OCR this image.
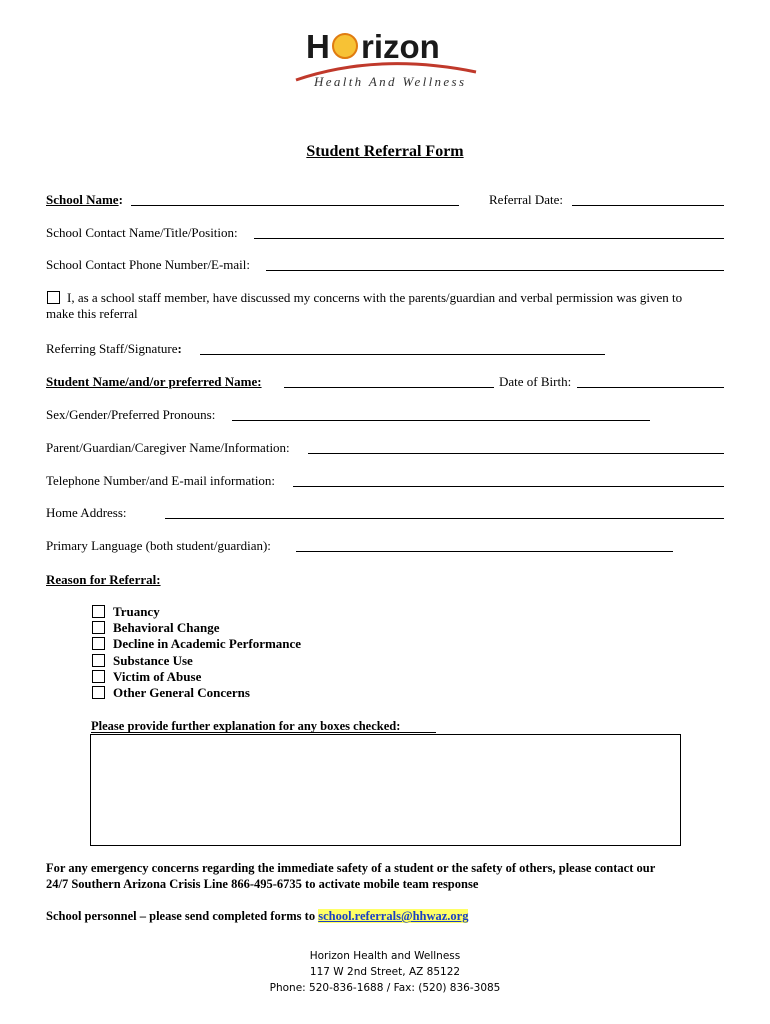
H rizon
Health And Wellness
Student Referral Form
School Name:	Referral Date:
School Contact Name/Title/Position:
School Contact Phone Number/E-mail:
I, as a school staff member, have discussed my concerns with the parents/guardian and verbal permission was given to
make this referral
Referring Staff/Signature:
Student Name/and/or preferred Name:	Date of Birth:
Sex/Gender/Preferred Pronouns:
Parent/Guardian/Caregiver Name/Information:
Telephone Number/and E-mail information:
Home Address:
Primary Language (both student/guardian):
Reason for Referral:
Truancy
Behavioral Change
Decline in Academic Performance
Substance Use
Victim of Abuse
Other General Concerns
Please provide further explanation for any boxes checked:
For any emergency concerns regarding the immediate safety of a student or the safety of others, please contact our
24/7 Southern Arizona Crisis Line 866-495-6735 to activate mobile team response
School personnel – please send completed forms to school.referrals@hhwaz.org
Horizon Health and Wellness
117 W 2nd Street, AZ 85122
Phone: 520-836-1688 / Fax: (520) 836-3085
